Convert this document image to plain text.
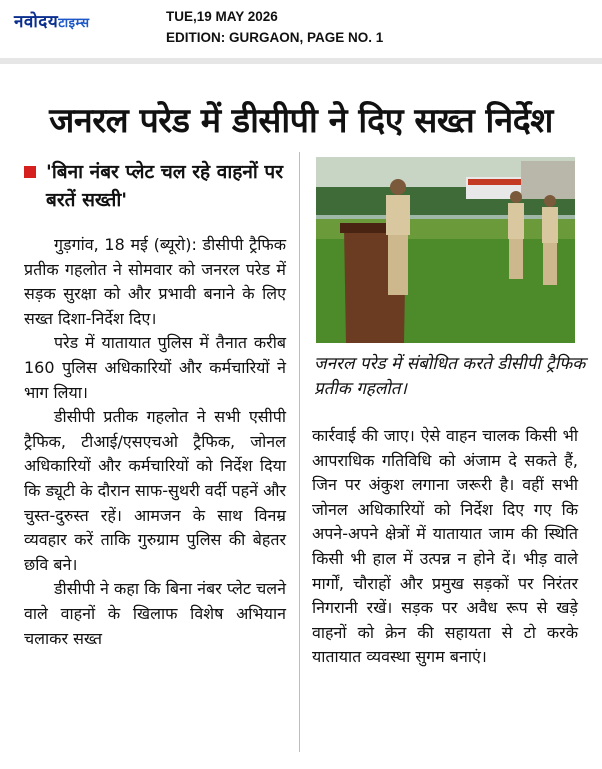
नवोदयटाइम्स	TUE,19 MAY 2026
EDITION: GURGAON, PAGE NO. 1
जनरल परेड में डीसीपी ने दिए सख्त निर्देश
'बिना नंबर प्लेट चल रहे वाहनों पर बरतें सख्ती'

गुड़गांव, 18 मई (ब्यूरो): डीसीपी ट्रैफिक प्रतीक गहलोत ने सोमवार को जनरल परेड में सड़क सुरक्षा को और प्रभावी बनाने के लिए सख्त दिशा-निर्देश दिए।

परेड में यातायात पुलिस में तैनात करीब 160 पुलिस अधिकारियों और कर्मचारियों ने भाग लिया।

डीसीपी प्रतीक गहलोत ने सभी एसीपी ट्रैफिक, टीआई/एसएचओ ट्रैफिक, जोनल अधिकारियों और कर्मचारियों को निर्देश दिया कि ड्यूटी के दौरान साफ-सुथरी वर्दी पहनें और चुस्त-दुरुस्त रहें। आमजन के साथ विनम्र व्यवहार करें ताकि गुरुग्राम पुलिस की बेहतर छवि बने।

डीसीपी ने कहा कि बिना नंबर प्लेट चलने वाले वाहनों के खिलाफ विशेष अभियान चलाकर सख्त

जनरल परेड में संबोधित करते डीसीपी ट्रैफिक प्रतीक गहलोत।

कार्रवाई की जाए। ऐसे वाहन चालक किसी भी आपराधिक गतिविधि को अंजाम दे सकते हैं, जिन पर अंकुश लगाना जरूरी है। वहीं सभी जोनल अधिकारियों को निर्देश दिए गए कि अपने-अपने क्षेत्रों में यातायात जाम की स्थिति किसी भी हाल में उत्पन्न न होने दें। भीड़ वाले मार्गों, चौराहों और प्रमुख सड़कों पर निरंतर निगरानी रखें। सड़क पर अवैध रूप से खड़े वाहनों को क्रेन की सहायता से टो करके यातायात व्यवस्था सुगम बनाएं।
